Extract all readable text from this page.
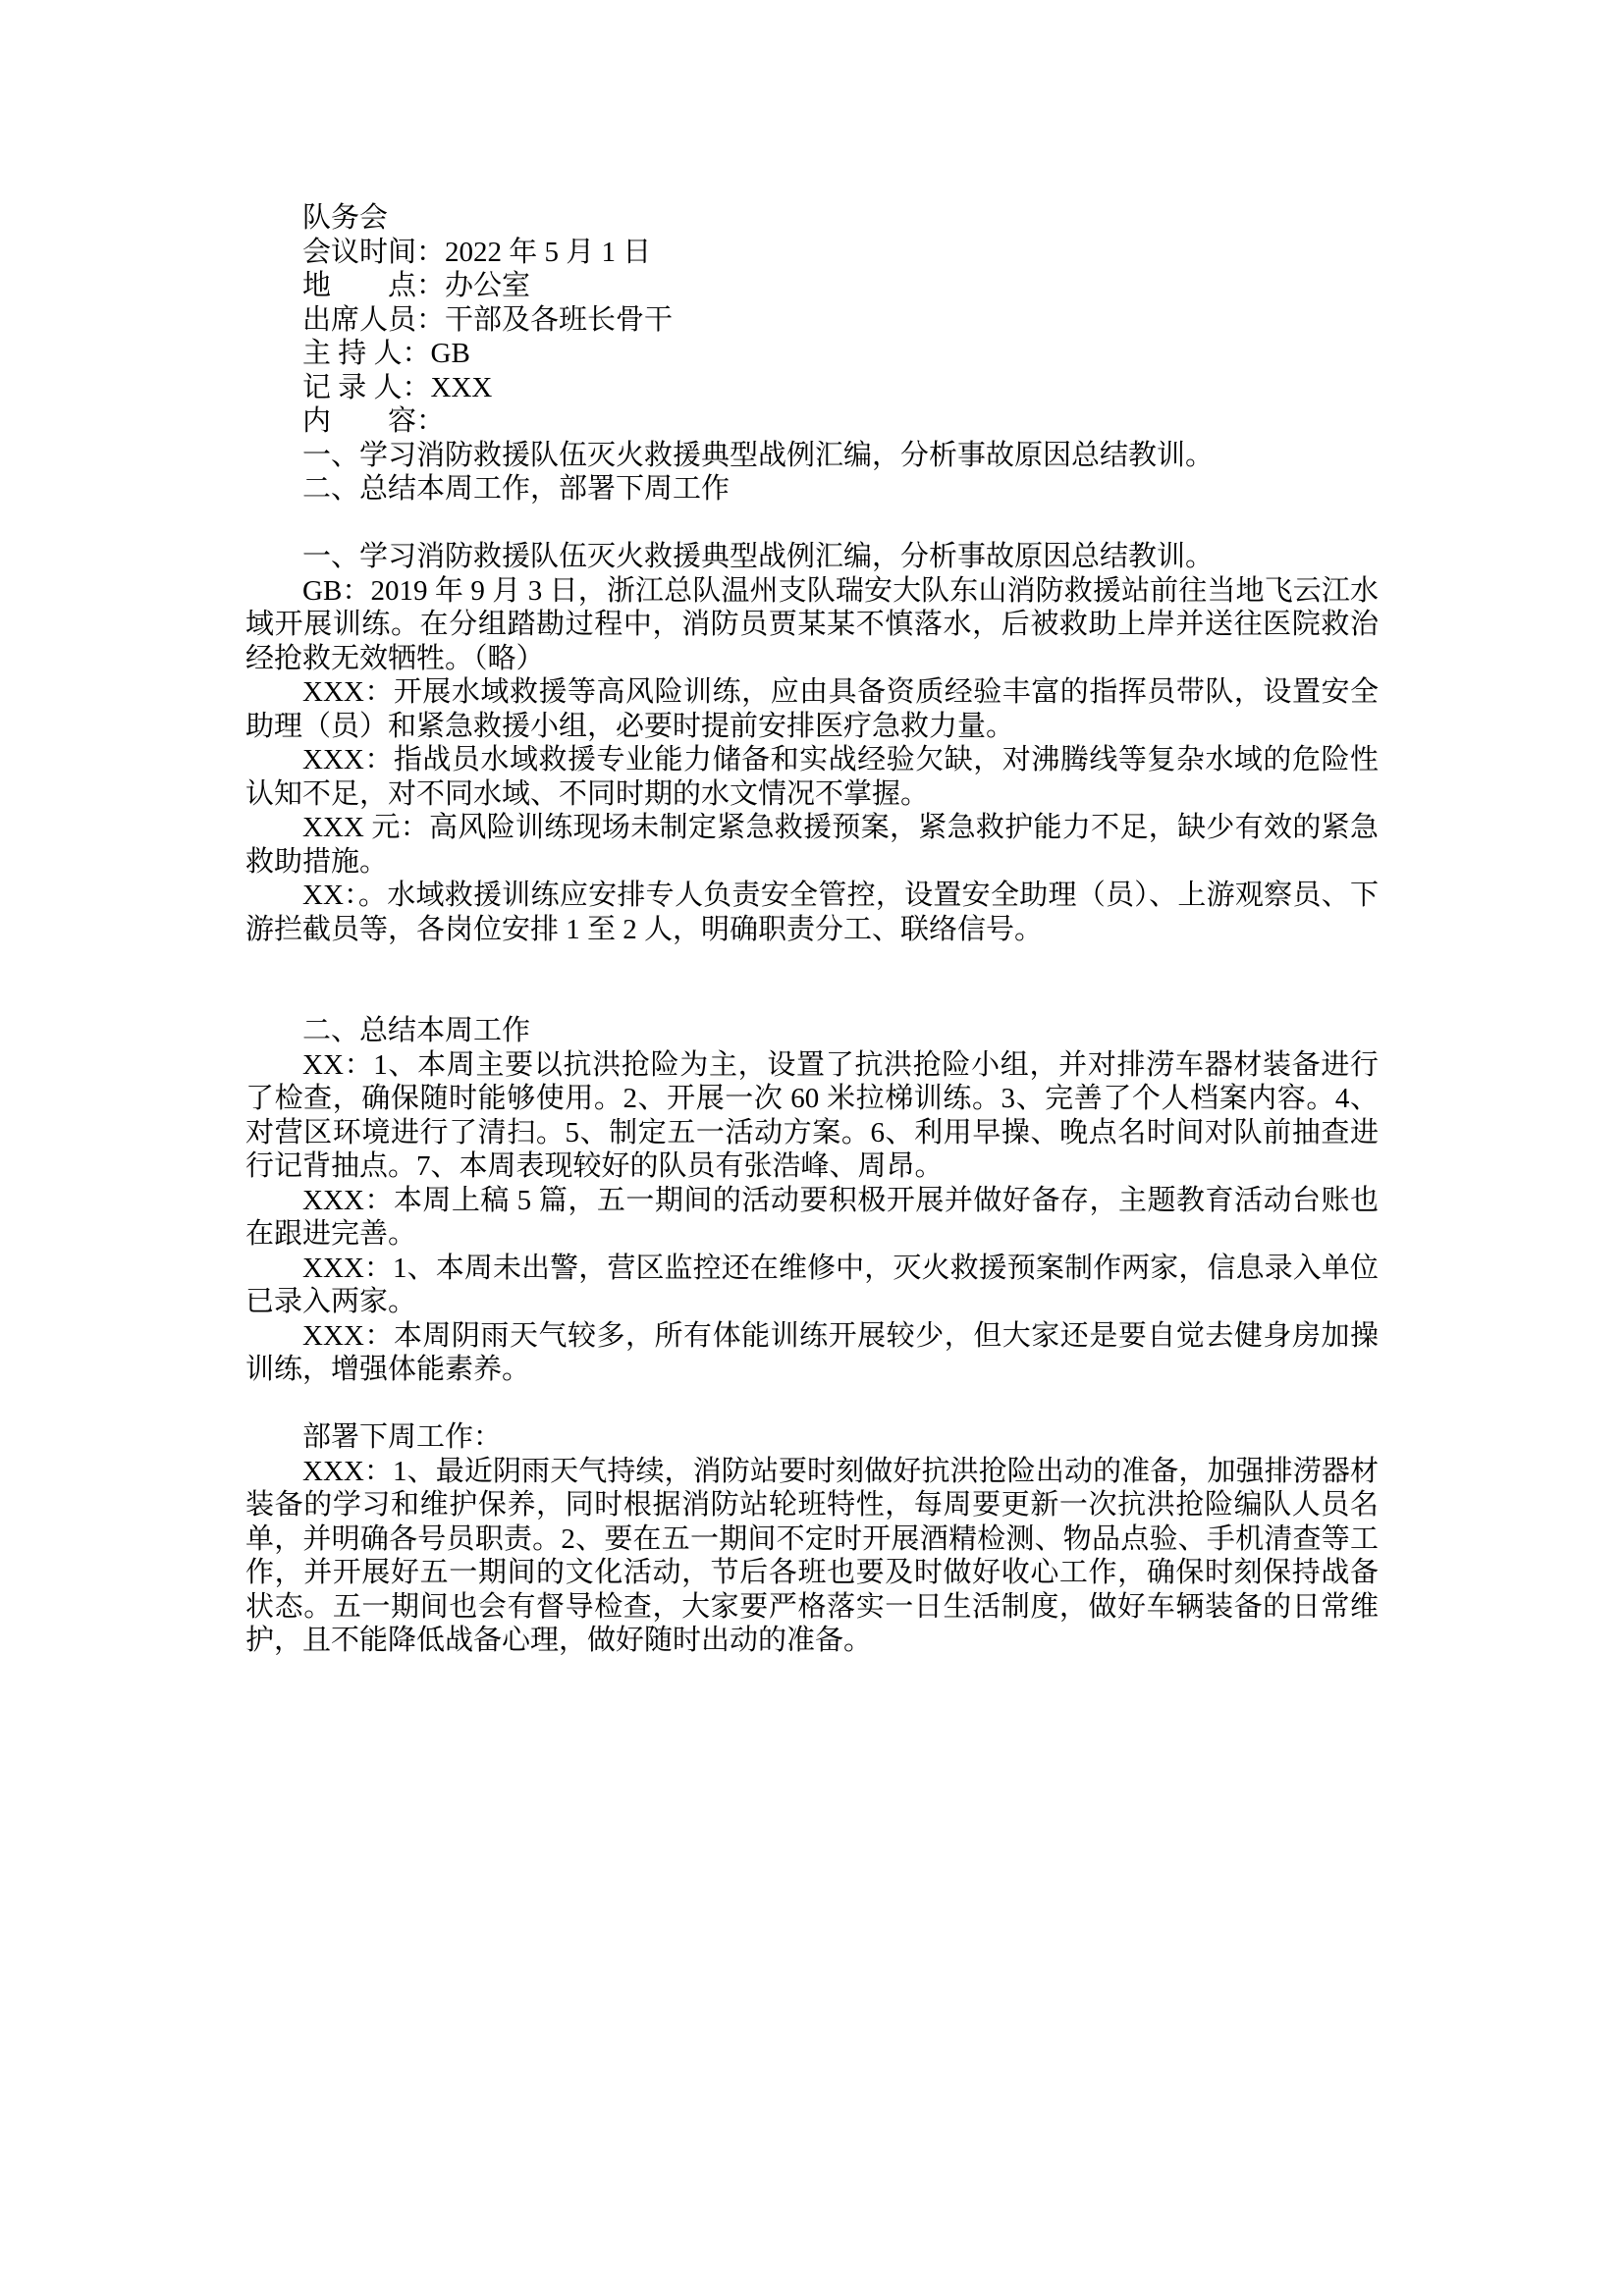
队务会

会议时间：2022 年 5 月 1 日

地　　点：办公室

出席人员：干部及各班长骨干

主 持 人：GB

记 录 人：XXX

内　　容：

一、学习消防救援队伍灭火救援典型战例汇编，分析事故原因总结教训。

二、总结本周工作，部署下周工作

一、学习消防救援队伍灭火救援典型战例汇编，分析事故原因总结教训。

GB：2019 年 9 月 3 日，浙江总队温州支队瑞安大队东山消防救援站前往当地飞云江水域开展训练。在分组踏勘过程中，消防员贾某某不慎落水，后被救助上岸并送往医院救治经抢救无效牺牲。（略）

XXX：开展水域救援等高风险训练，应由具备资质经验丰富的指挥员带队，设置安全助理（员）和紧急救援小组，必要时提前安排医疗急救力量。

XXX：指战员水域救援专业能力储备和实战经验欠缺，对沸腾线等复杂水域的危险性认知不足，对不同水域、不同时期的水文情况不掌握。

XXX 元：高风险训练现场未制定紧急救援预案，紧急救护能力不足，缺少有效的紧急救助措施。

XX：。水域救援训练应安排专人负责安全管控，设置安全助理（员）、上游观察员、下游拦截员等，各岗位安排 1 至 2 人，明确职责分工、联络信号。

二、总结本周工作

XX：1、本周主要以抗洪抢险为主，设置了抗洪抢险小组，并对排涝车器材装备进行了检查，确保随时能够使用。2、开展一次 60 米拉梯训练。3、完善了个人档案内容。4、对营区环境进行了清扫。5、制定五一活动方案。6、利用早操、晚点名时间对队前抽查进行记背抽点。7、本周表现较好的队员有张浩峰、周昂。

XXX：本周上稿 5 篇，五一期间的活动要积极开展并做好备存，主题教育活动台账也在跟进完善。

XXX：1、本周未出警，营区监控还在维修中，灭火救援预案制作两家，信息录入单位已录入两家。

XXX：本周阴雨天气较多，所有体能训练开展较少，但大家还是要自觉去健身房加操训练，增强体能素养。

部署下周工作：

XXX：1、最近阴雨天气持续，消防站要时刻做好抗洪抢险出动的准备，加强排涝器材装备的学习和维护保养，同时根据消防站轮班特性，每周要更新一次抗洪抢险编队人员名单，并明确各号员职责。2、要在五一期间不定时开展酒精检测、物品点验、手机清查等工作，并开展好五一期间的文化活动，节后各班也要及时做好收心工作，确保时刻保持战备状态。五一期间也会有督导检查，大家要严格落实一日生活制度，做好车辆装备的日常维护，且不能降低战备心理，做好随时出动的准备。
